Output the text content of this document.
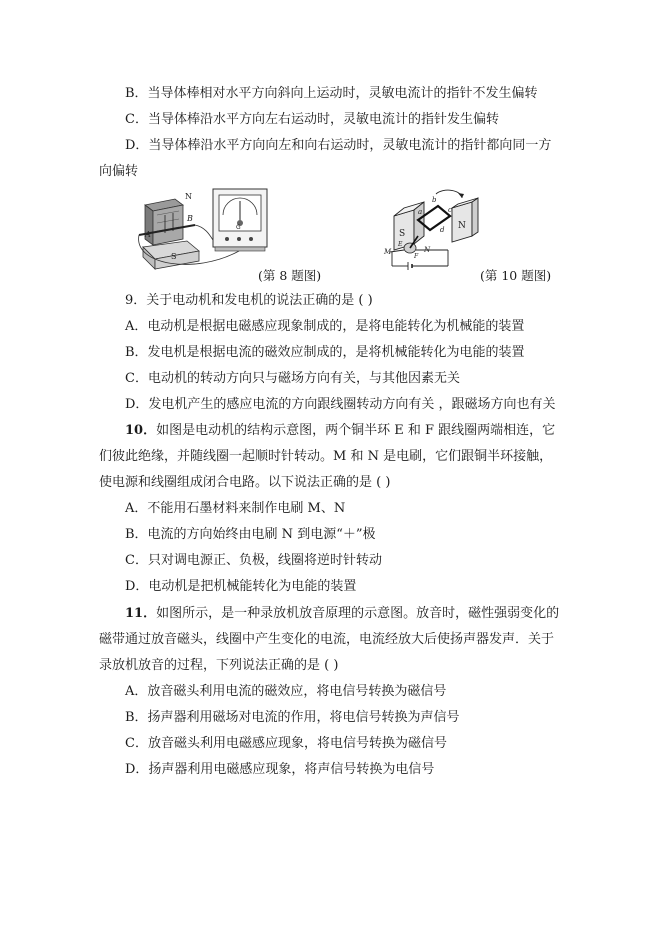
B．当导体棒相对水平方向斜向上运动时，灵敏电流计的指针不发生偏转
C．当导体棒沿水平方向左右运动时，灵敏电流计的指针发生偏转
D．当导体棒沿水平方向向左和向右运动时，灵敏电流计的指针都向同一方
向偏转
A
B
S
N
G
(第 8 题图)
S
N
b
c
d
a
E
F
M	N
(第 10 题图)
9．关于电动机和发电机的说法正确的是 ( )
A．电动机是根据电磁感应现象制成的，是将电能转化为机械能的装置
B．发电机是根据电流的磁效应制成的，是将机械能转化为电能的装置
C．电动机的转动方向只与磁场方向有关，与其他因素无关
D．发电机产生的感应电流的方向跟线圈转动方向有关 ，跟磁场方向也有关
10．如图是电动机的结构示意图，两个铜半环 E 和 F 跟线圈两端相连，它
们彼此绝缘，并随线圈一起顺时针转动。M 和 N 是电刷，它们跟铜半环接触，
使电源和线圈组成闭合电路。以下说法正确的是 ( )
A．不能用石墨材料来制作电刷 M、N
B．电流的方向始终由电刷 N 到电源“＋”极
C．只对调电源正、负极，线圈将逆时针转动
D．电动机是把机械能转化为电能的装置
11．如图所示，是一种录放机放音原理的示意图。放音时，磁性强弱变化的
磁带通过放音磁头，线圈中产生变化的电流，电流经放大后使扬声器发声．关于
录放机放音的过程，下列说法正确的是 ( )
A．放音磁头利用电流的磁效应，将电信号转换为磁信号
B．扬声器利用磁场对电流的作用，将电信号转换为声信号
C．放音磁头利用电磁感应现象，将电信号转换为磁信号
D．扬声器利用电磁感应现象，将声信号转换为电信号
